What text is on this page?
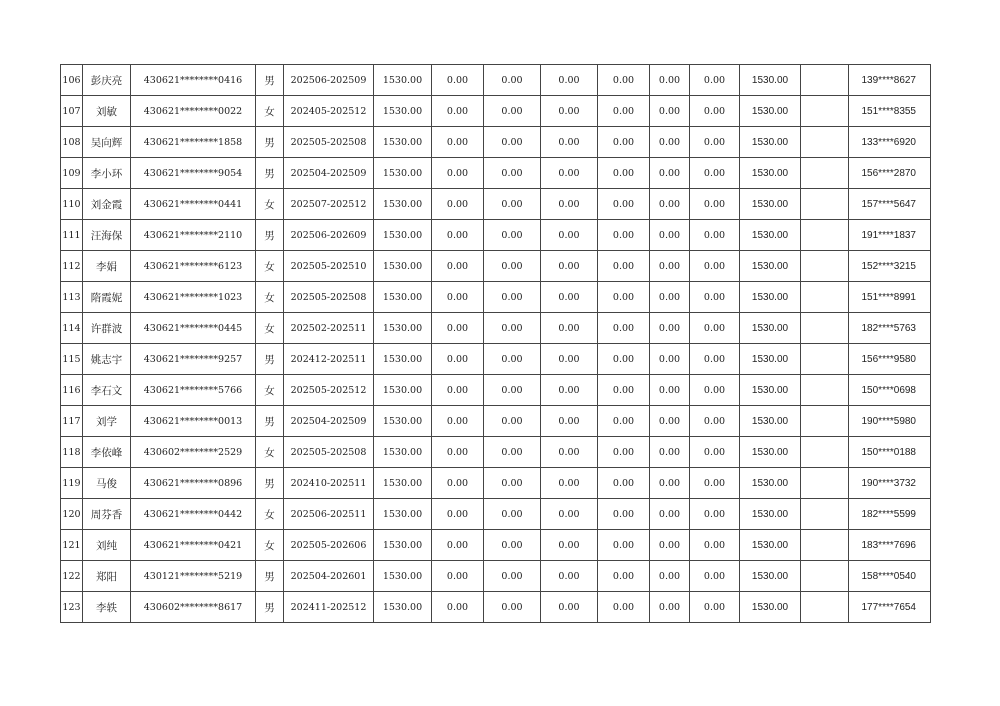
106	彭庆亮	430621********0416	男	202506-202509	1530.00	0.00	0.00	0.00	0.00	0.00	0.00	1530.00		139****8627
107	刘敏	430621********0022	女	202405-202512	1530.00	0.00	0.00	0.00	0.00	0.00	0.00	1530.00		151****8355
108	吴向辉	430621********1858	男	202505-202508	1530.00	0.00	0.00	0.00	0.00	0.00	0.00	1530.00		133****6920
109	李小环	430621********9054	男	202504-202509	1530.00	0.00	0.00	0.00	0.00	0.00	0.00	1530.00		156****2870
110	刘金霞	430621********0441	女	202507-202512	1530.00	0.00	0.00	0.00	0.00	0.00	0.00	1530.00		157****5647
111	汪海保	430621********2110	男	202506-202609	1530.00	0.00	0.00	0.00	0.00	0.00	0.00	1530.00		191****1837
112	李娟	430621********6123	女	202505-202510	1530.00	0.00	0.00	0.00	0.00	0.00	0.00	1530.00		152****3215
113	隋霞妮	430621********1023	女	202505-202508	1530.00	0.00	0.00	0.00	0.00	0.00	0.00	1530.00		151****8991
114	许群波	430621********0445	女	202502-202511	1530.00	0.00	0.00	0.00	0.00	0.00	0.00	1530.00		182****5763
115	姚志宇	430621********9257	男	202412-202511	1530.00	0.00	0.00	0.00	0.00	0.00	0.00	1530.00		156****9580
116	李石文	430621********5766	女	202505-202512	1530.00	0.00	0.00	0.00	0.00	0.00	0.00	1530.00		150****0698
117	刘学	430621********0013	男	202504-202509	1530.00	0.00	0.00	0.00	0.00	0.00	0.00	1530.00		190****5980
118	李依峰	430602********2529	女	202505-202508	1530.00	0.00	0.00	0.00	0.00	0.00	0.00	1530.00		150****0188
119	马俊	430621********0896	男	202410-202511	1530.00	0.00	0.00	0.00	0.00	0.00	0.00	1530.00		190****3732
120	周芬香	430621********0442	女	202506-202511	1530.00	0.00	0.00	0.00	0.00	0.00	0.00	1530.00		182****5599
121	刘纯	430621********0421	女	202505-202606	1530.00	0.00	0.00	0.00	0.00	0.00	0.00	1530.00		183****7696
122	郑阳	430121********5219	男	202504-202601	1530.00	0.00	0.00	0.00	0.00	0.00	0.00	1530.00		158****0540
123	李轶	430602********8617	男	202411-202512	1530.00	0.00	0.00	0.00	0.00	0.00	0.00	1530.00		177****7654
